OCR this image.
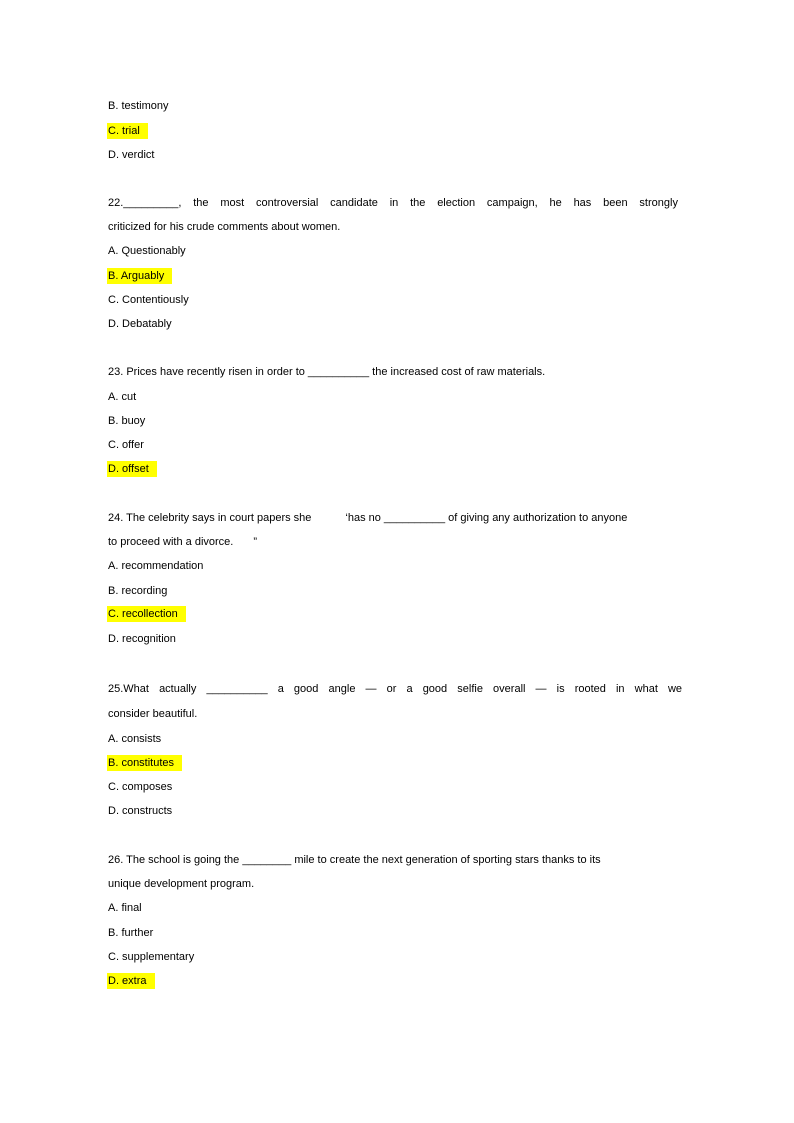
B. testimony
C. trial
D. verdict
22._________, the most controversial candidate in the election campaign, he has been strongly
criticized for his crude comments about women.
A. Questionably
B. Arguably
C. Contentiously
D. Debatably
23. Prices have recently risen in order to __________ the increased cost of raw materials.
A. cut
B. buoy
C. offer
D. offset
24. The celebrity says in court papers she	‘has no __________ of giving any authorization to anyone
to proceed with a divorce. ”
A. recommendation
B. recording
C. recollection
D. recognition
25.What actually __________ a good angle — or a good selfie overall — is rooted in what we
consider beautiful.
A. consists
B. constitutes
C. composes
D. constructs
26. The school is going the ________ mile to create the next generation of sporting stars thanks to its
unique development program.
A. final
B. further
C. supplementary
D. extra
